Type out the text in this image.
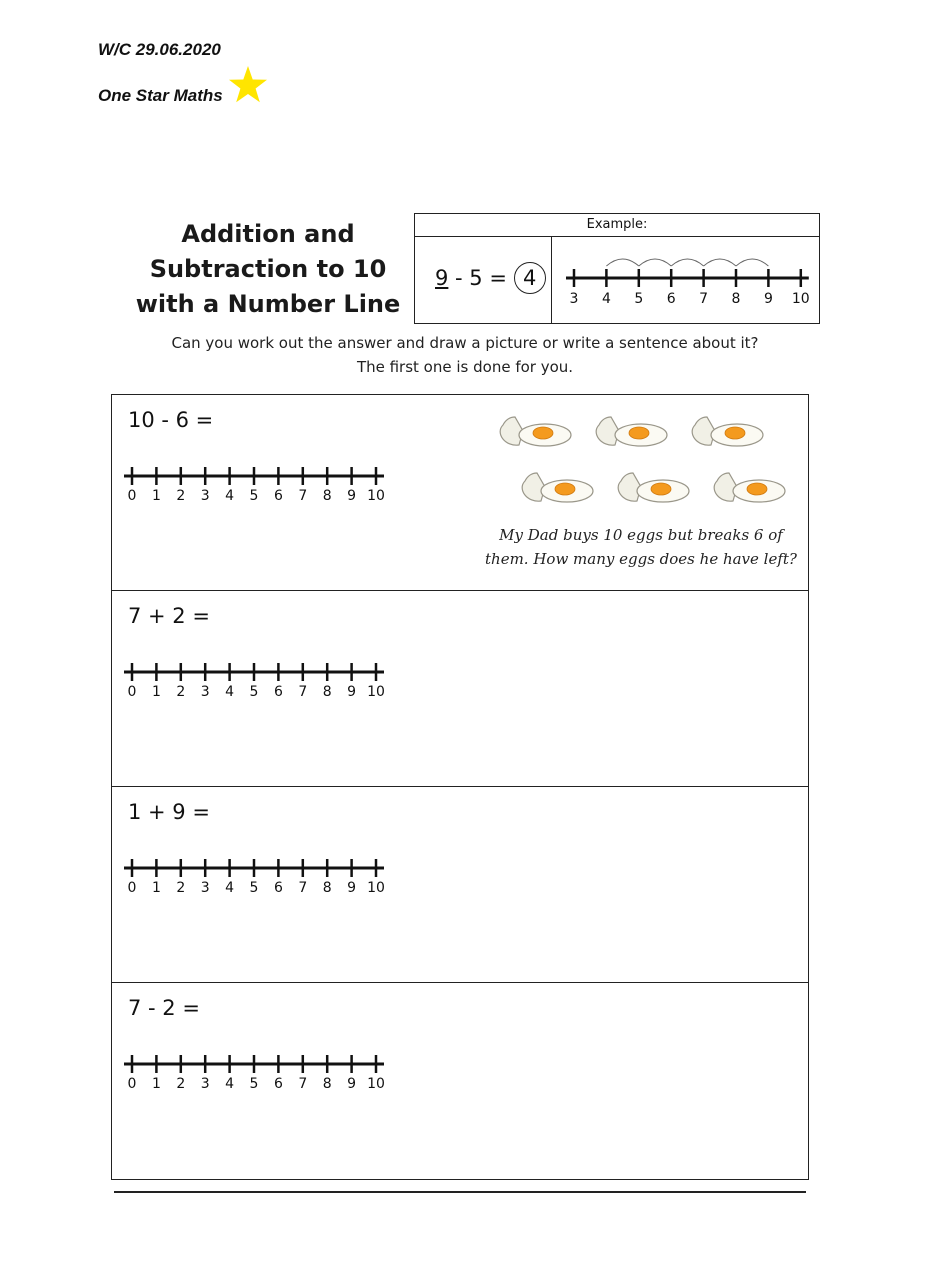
W/C 29.06.2020
One Star Maths
Addition and
Subtraction to 10
with a Number Line
Example:
9 - 5 = 4
3 4 5 6 7 8 9 10
Can you work out the answer and draw a picture or write a sentence about it?
The first one is done for you.
10 - 6 =
0 1 2 3 4 5 6 7 8 9 10
My Dad buys 10 eggs but breaks 6 of them. How many eggs does he have left?
7 + 2 =
0 1 2 3 4 5 6 7 8 9 10
1 + 9 =
0 1 2 3 4 5 6 7 8 9 10
7 - 2 =
0 1 2 3 4 5 6 7 8 9 10
